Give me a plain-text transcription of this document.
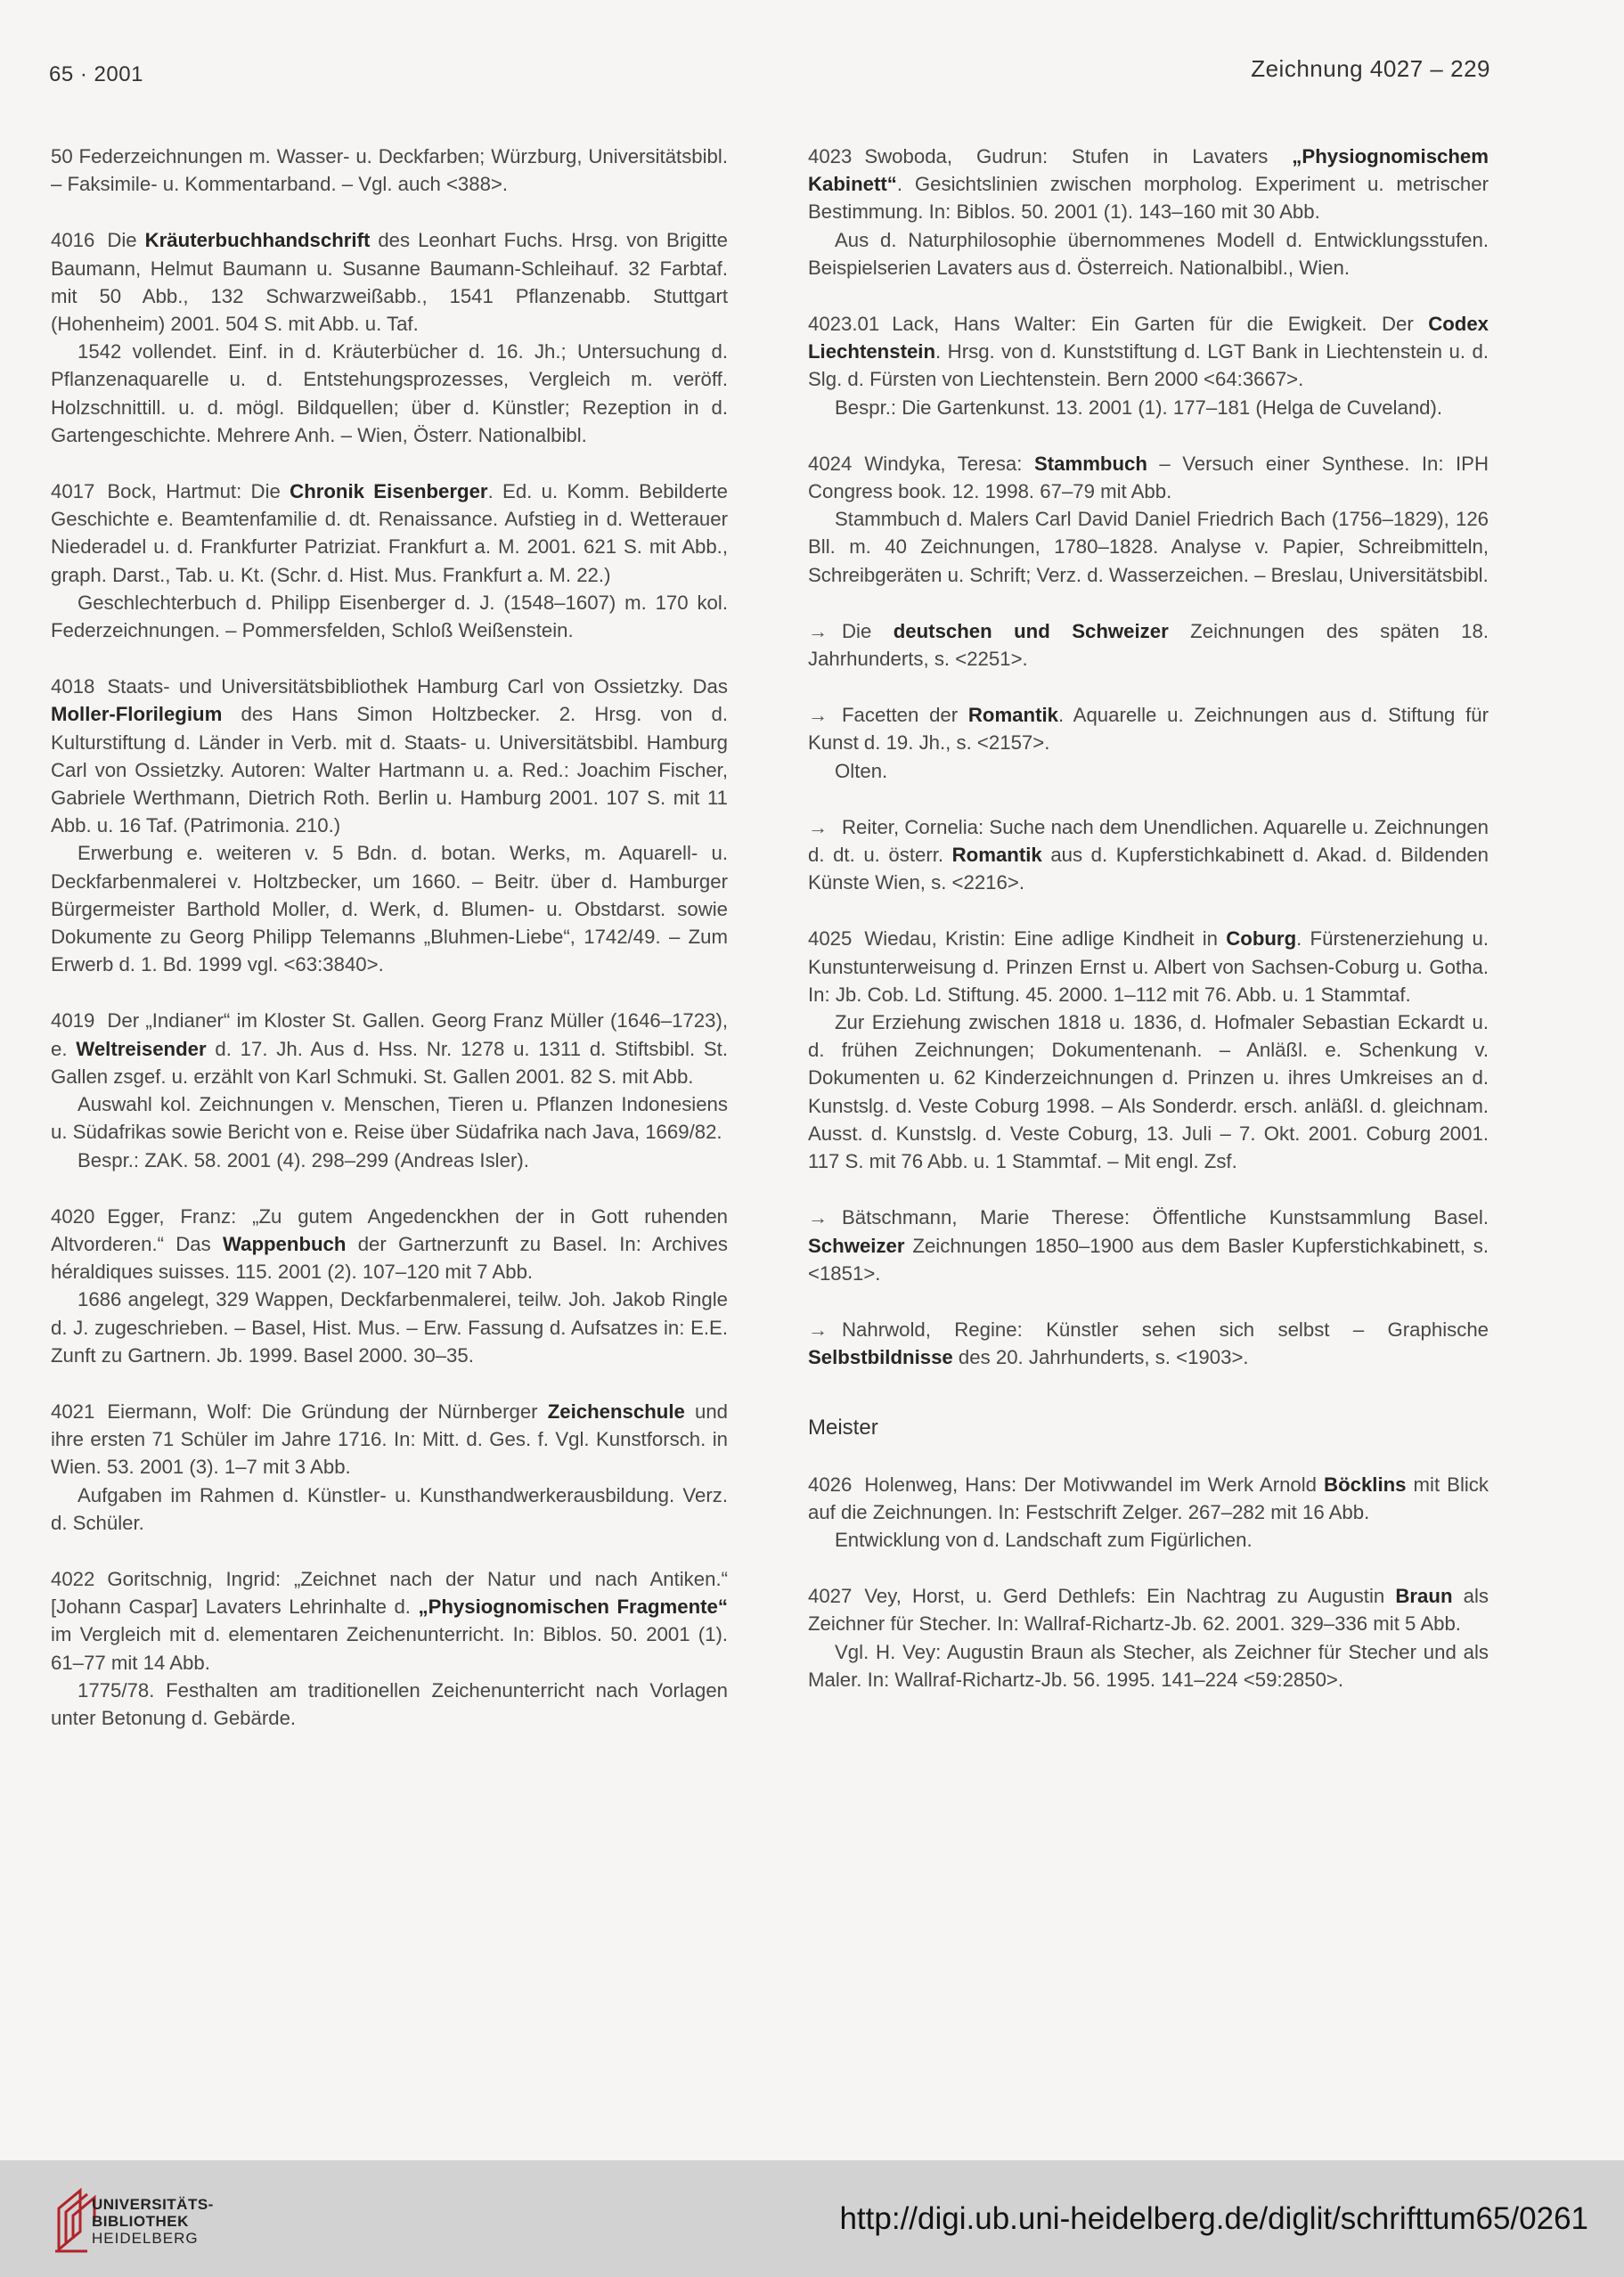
65 · 2001	Zeichnung 4027 – 229

50 Federzeichnungen m. Wasser- u. Deckfarben; Würzburg, Universitätsbibl. – Faksimile- u. Kommentarband. – Vgl. auch <388>.

4016 Die Kräuterbuchhandschrift des Leonhart Fuchs. Hrsg. von Brigitte Baumann, Helmut Baumann u. Susanne Baumann-Schleihauf. 32 Farbtaf. mit 50 Abb., 132 Schwarzweißabb., 1541 Pflanzenabb. Stuttgart (Hohenheim) 2001. 504 S. mit Abb. u. Taf.

1542 vollendet. Einf. in d. Kräuterbücher d. 16. Jh.; Untersuchung d. Pflanzenaquarelle u. d. Entstehungsprozesses, Vergleich m. veröff. Holzschnittill. u. d. mögl. Bildquellen; über d. Künstler; Rezeption in d. Gartengeschichte. Mehrere Anh. – Wien, Österr. Nationalbibl.

4017 Bock, Hartmut: Die Chronik Eisenberger. Ed. u. Komm. Bebilderte Geschichte e. Beamtenfamilie d. dt. Renaissance. Aufstieg in d. Wetterauer Niederadel u. d. Frankfurter Patriziat. Frankfurt a. M. 2001. 621 S. mit Abb., graph. Darst., Tab. u. Kt. (Schr. d. Hist. Mus. Frankfurt a. M. 22.)

Geschlechterbuch d. Philipp Eisenberger d. J. (1548–1607) m. 170 kol. Federzeichnungen. – Pommersfelden, Schloß Weißenstein.

4018 Staats- und Universitätsbibliothek Hamburg Carl von Ossietzky. Das Moller-Florilegium des Hans Simon Holtzbecker. 2. Hrsg. von d. Kulturstiftung d. Länder in Verb. mit d. Staats- u. Universitätsbibl. Hamburg Carl von Ossietzky. Autoren: Walter Hartmann u. a. Red.: Joachim Fischer, Gabriele Werthmann, Dietrich Roth. Berlin u. Hamburg 2001. 107 S. mit 11 Abb. u. 16 Taf. (Patrimonia. 210.)

Erwerbung e. weiteren v. 5 Bdn. d. botan. Werks, m. Aquarell- u. Deckfarbenmalerei v. Holtzbecker, um 1660. – Beitr. über d. Hamburger Bürgermeister Barthold Moller, d. Werk, d. Blumen- u. Obstdarst. sowie Dokumente zu Georg Philipp Telemanns „Bluhmen-Liebe“, 1742/49. – Zum Erwerb d. 1. Bd. 1999 vgl. <63:3840>.

4019 Der „Indianer“ im Kloster St. Gallen. Georg Franz Müller (1646–1723), e. Weltreisender d. 17. Jh. Aus d. Hss. Nr. 1278 u. 1311 d. Stiftsbibl. St. Gallen zsgef. u. erzählt von Karl Schmuki. St. Gallen 2001. 82 S. mit Abb.

Auswahl kol. Zeichnungen v. Menschen, Tieren u. Pflanzen Indonesiens u. Südafrikas sowie Bericht von e. Reise über Südafrika nach Java, 1669/82.

Bespr.: ZAK. 58. 2001 (4). 298–299 (Andreas Isler).

4020 Egger, Franz: „Zu gutem Angedenckhen der in Gott ruhenden Altvorderen.“ Das Wappenbuch der Gartnerzunft zu Basel. In: Archives héraldiques suisses. 115. 2001 (2). 107–120 mit 7 Abb.

1686 angelegt, 329 Wappen, Deckfarbenmalerei, teilw. Joh. Jakob Ringle d. J. zugeschrieben. – Basel, Hist. Mus. – Erw. Fassung d. Aufsatzes in: E.E. Zunft zu Gartnern. Jb. 1999. Basel 2000. 30–35.

4021 Eiermann, Wolf: Die Gründung der Nürnberger Zeichenschule und ihre ersten 71 Schüler im Jahre 1716. In: Mitt. d. Ges. f. Vgl. Kunstforsch. in Wien. 53. 2001 (3). 1–7 mit 3 Abb.

Aufgaben im Rahmen d. Künstler- u. Kunsthandwerkerausbildung. Verz. d. Schüler.

4022 Goritschnig, Ingrid: „Zeichnet nach der Natur und nach Antiken.“ [Johann Caspar] Lavaters Lehrinhalte d. „Physiognomischen Fragmente“ im Vergleich mit d. elementaren Zeichenunterricht. In: Biblos. 50. 2001 (1). 61–77 mit 14 Abb.

1775/78. Festhalten am traditionellen Zeichenunterricht nach Vorlagen unter Betonung d. Gebärde.

4023 Swoboda, Gudrun: Stufen in Lavaters „Physiognomischem Kabinett“. Gesichtslinien zwischen morpholog. Experiment u. metrischer Bestimmung. In: Biblos. 50. 2001 (1). 143–160 mit 30 Abb.

Aus d. Naturphilosophie übernommenes Modell d. Entwicklungsstufen. Beispielserien Lavaters aus d. Österreich. Nationalbibl., Wien.

4023.01 Lack, Hans Walter: Ein Garten für die Ewigkeit. Der Codex Liechtenstein. Hrsg. von d. Kunststiftung d. LGT Bank in Liechtenstein u. d. Slg. d. Fürsten von Liechtenstein. Bern 2000 <64:3667>.

Bespr.: Die Gartenkunst. 13. 2001 (1). 177–181 (Helga de Cuveland).

4024 Windyka, Teresa: Stammbuch – Versuch einer Synthese. In: IPH Congress book. 12. 1998. 67–79 mit Abb.

Stammbuch d. Malers Carl David Daniel Friedrich Bach (1756–1829), 126 Bll. m. 40 Zeichnungen, 1780–1828. Analyse v. Papier, Schreibmitteln, Schreibgeräten u. Schrift; Verz. d. Wasserzeichen. – Breslau, Universitätsbibl.

→ Die deutschen und Schweizer Zeichnungen des späten 18. Jahrhunderts, s. <2251>.

→ Facetten der Romantik. Aquarelle u. Zeichnungen aus d. Stiftung für Kunst d. 19. Jh., s. <2157>.

Olten.

→ Reiter, Cornelia: Suche nach dem Unendlichen. Aquarelle u. Zeichnungen d. dt. u. österr. Romantik aus d. Kupferstichkabinett d. Akad. d. Bildenden Künste Wien, s. <2216>.

4025 Wiedau, Kristin: Eine adlige Kindheit in Coburg. Fürstenerziehung u. Kunstunterweisung d. Prinzen Ernst u. Albert von Sachsen-Coburg u. Gotha. In: Jb. Cob. Ld. Stiftung. 45. 2000. 1–112 mit 76. Abb. u. 1 Stammtaf.

Zur Erziehung zwischen 1818 u. 1836, d. Hofmaler Sebastian Eckardt u. d. frühen Zeichnungen; Dokumentenanh. – Anläßl. e. Schenkung v. Dokumenten u. 62 Kinderzeichnungen d. Prinzen u. ihres Umkreises an d. Kunstslg. d. Veste Coburg 1998. – Als Sonderdr. ersch. anläßl. d. gleichnam. Ausst. d. Kunstslg. d. Veste Coburg, 13. Juli – 7. Okt. 2001. Coburg 2001. 117 S. mit 76 Abb. u. 1 Stammtaf. – Mit engl. Zsf.

→ Bätschmann, Marie Therese: Öffentliche Kunstsammlung Basel. Schweizer Zeichnungen 1850–1900 aus dem Basler Kupferstichkabinett, s. <1851>.

→ Nahrwold, Regine: Künstler sehen sich selbst – Graphische Selbstbildnisse des 20. Jahrhunderts, s. <1903>.

Meister

4026 Holenweg, Hans: Der Motivwandel im Werk Arnold Böcklins mit Blick auf die Zeichnungen. In: Festschrift Zelger. 267–282 mit 16 Abb.

Entwicklung von d. Landschaft zum Figürlichen.

4027 Vey, Horst, u. Gerd Dethlefs: Ein Nachtrag zu Augustin Braun als Zeichner für Stecher. In: Wallraf-Richartz-Jb. 62. 2001. 329–336 mit 5 Abb.

Vgl. H. Vey: Augustin Braun als Stecher, als Zeichner für Stecher und als Maler. In: Wallraf-Richartz-Jb. 56. 1995. 141–224 <59:2850>.

UNIVERSITÄTS-
BIBLIOTHEK
HEIDELBERG
http://digi.ub.uni-heidelberg.de/diglit/schrifttum65/0261
